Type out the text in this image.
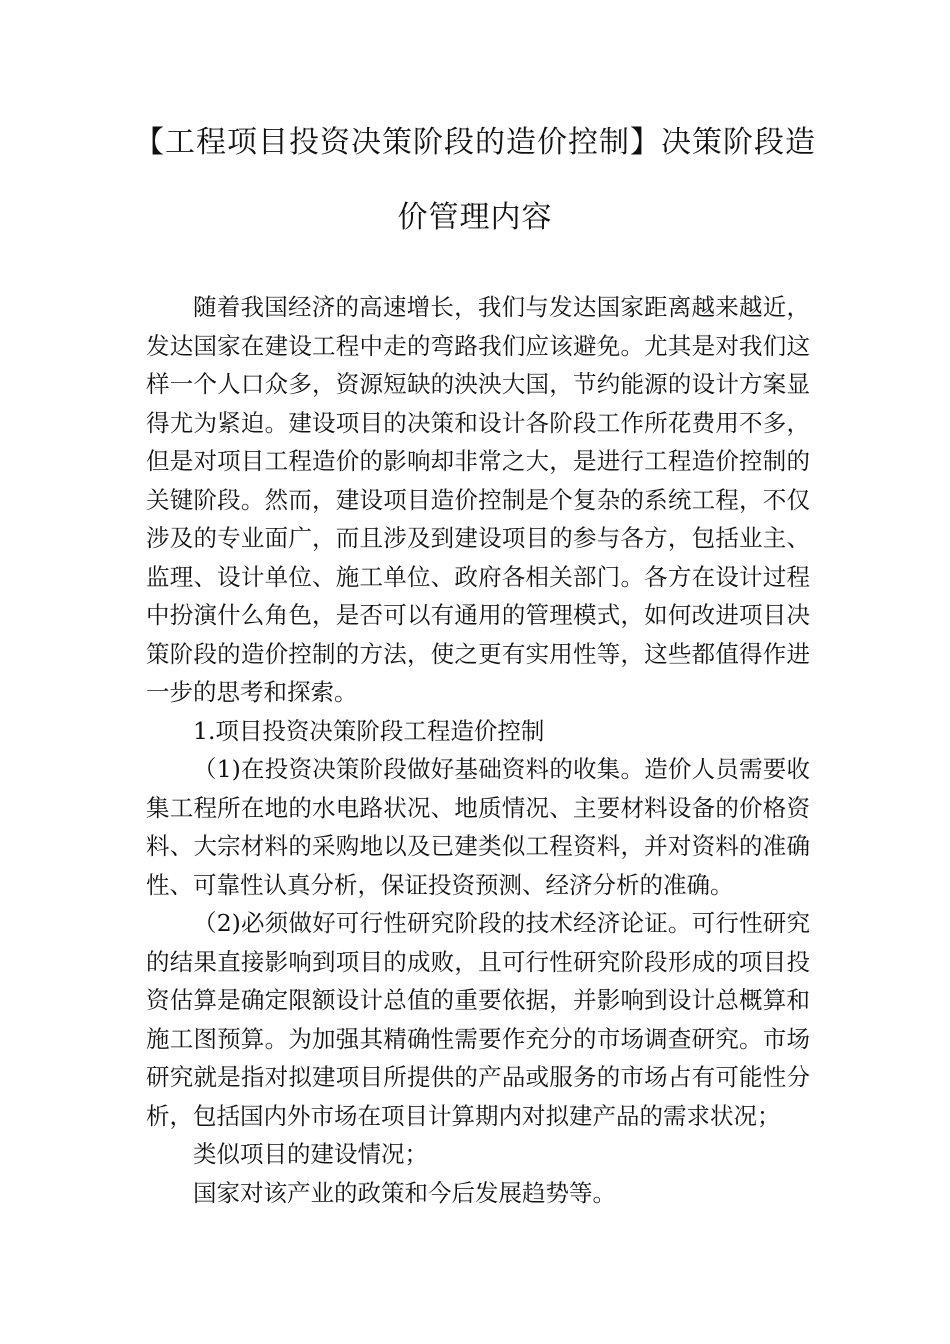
【工程项目投资决策阶段的造价控制】决策阶段造
价管理内容

随着我国经济的高速增长，我们与发达国家距离越来越近，发达国家在建设工程中走的弯路我们应该避免。尤其是对我们这样一个人口众多，资源短缺的泱泱大国，节约能源的设计方案显得尤为紧迫。建设项目的决策和设计各阶段工作所花费用不多，但是对项目工程造价的影响却非常之大，是进行工程造价控制的关键阶段。然而，建设项目造价控制是个复杂的系统工程，不仅涉及的专业面广，而且涉及到建设项目的参与各方，包括业主、监理、设计单位、施工单位、政府各相关部门。各方在设计过程中扮演什么角色，是否可以有通用的管理模式，如何改进项目决策阶段的造价控制的方法，使之更有实用性等，这些都值得作进一步的思考和探索。

1.项目投资决策阶段工程造价控制

（1)在投资决策阶段做好基础资料的收集。造价人员需要收集工程所在地的水电路状况、地质情况、主要材料设备的价格资料、大宗材料的采购地以及已建类似工程资料，并对资料的准确性、可靠性认真分析，保证投资预测、经济分析的准确。

（2)必须做好可行性研究阶段的技术经济论证。可行性研究的结果直接影响到项目的成败，且可行性研究阶段形成的项目投资估算是确定限额设计总值的重要依据，并影响到设计总概算和施工图预算。为加强其精确性需要作充分的市场调查研究。市场研究就是指对拟建项目所提供的产品或服务的市场占有可能性分析，包括国内外市场在项目计算期内对拟建产品的需求状况；

类似项目的建设情况；

国家对该产业的政策和今后发展趋势等。
